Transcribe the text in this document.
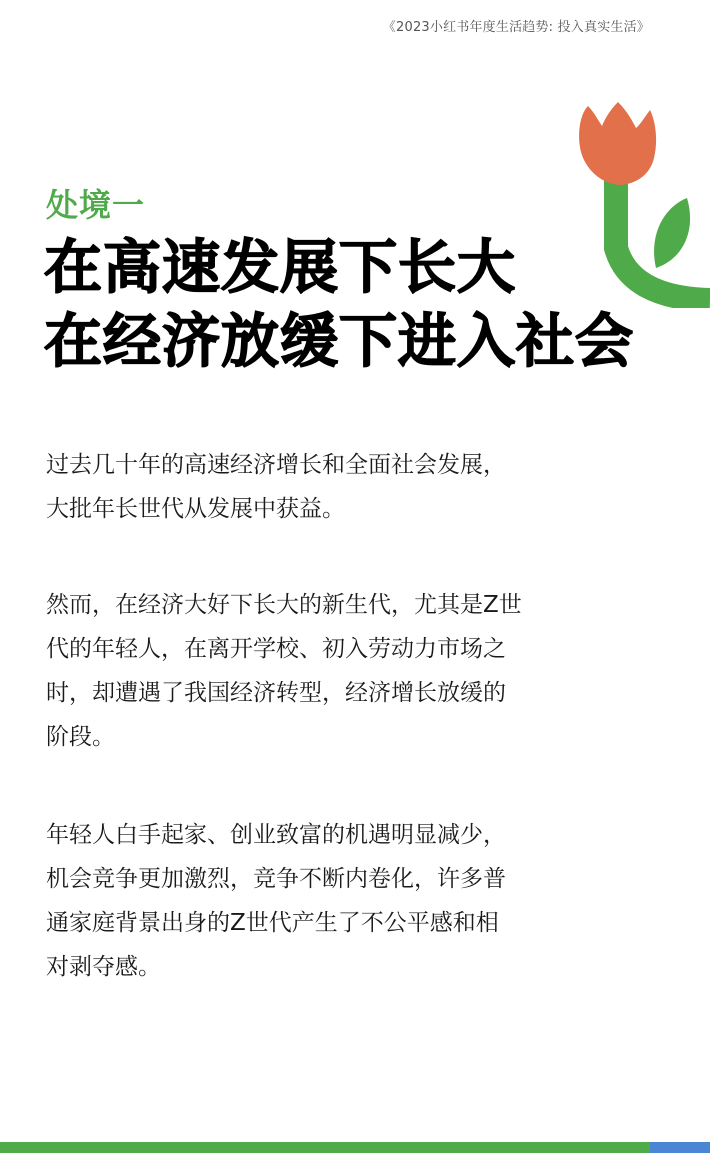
《2023小红书年度生活趋势: 投入真实生活》
处境一
在高速发展下长大
在经济放缓下进入社会
过去几十年的高速经济增长和全面社会发展，
大批年长世代从发展中获益。
然而，在经济大好下长大的新生代，尤其是Z世
代的年轻人，在离开学校、初入劳动力市场之
时，却遭遇了我国经济转型，经济增长放缓的
阶段。
年轻人白手起家、创业致富的机遇明显减少，
机会竞争更加激烈，竞争不断内卷化，许多普
通家庭背景出身的Z世代产生了不公平感和相
对剥夺感。
